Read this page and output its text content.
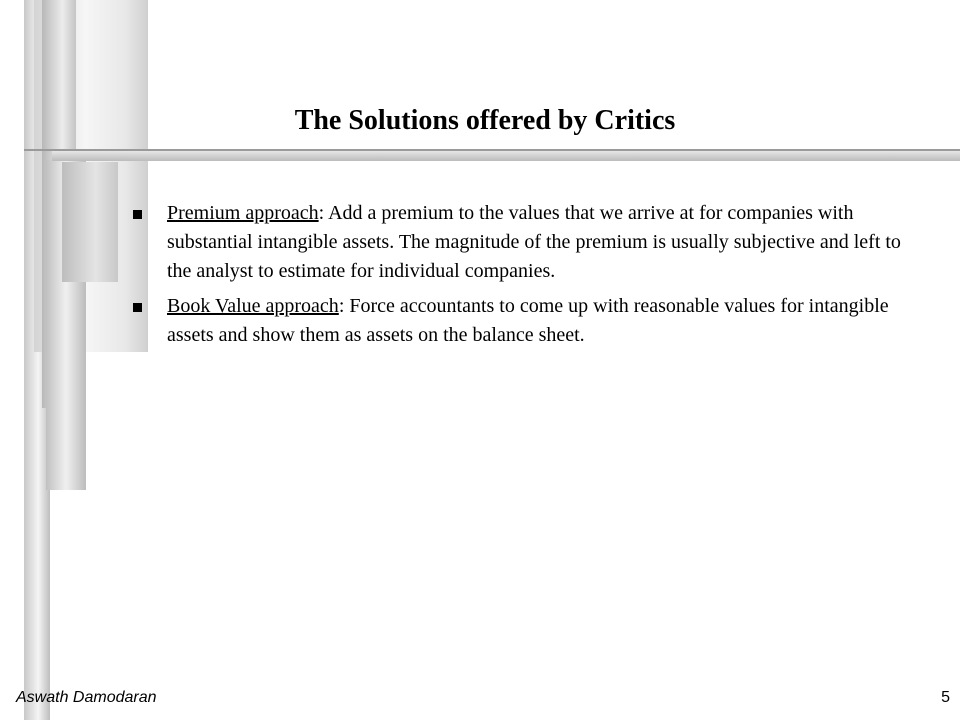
The Solutions offered by Critics
Premium approach: Add a premium to the values that we arrive at for companies with substantial intangible assets. The magnitude of the premium is usually subjective and left to the analyst to estimate for individual companies.
Book Value approach: Force accountants to come up with reasonable values for intangible assets and show them as assets on the balance sheet.
Aswath Damodaran	5
